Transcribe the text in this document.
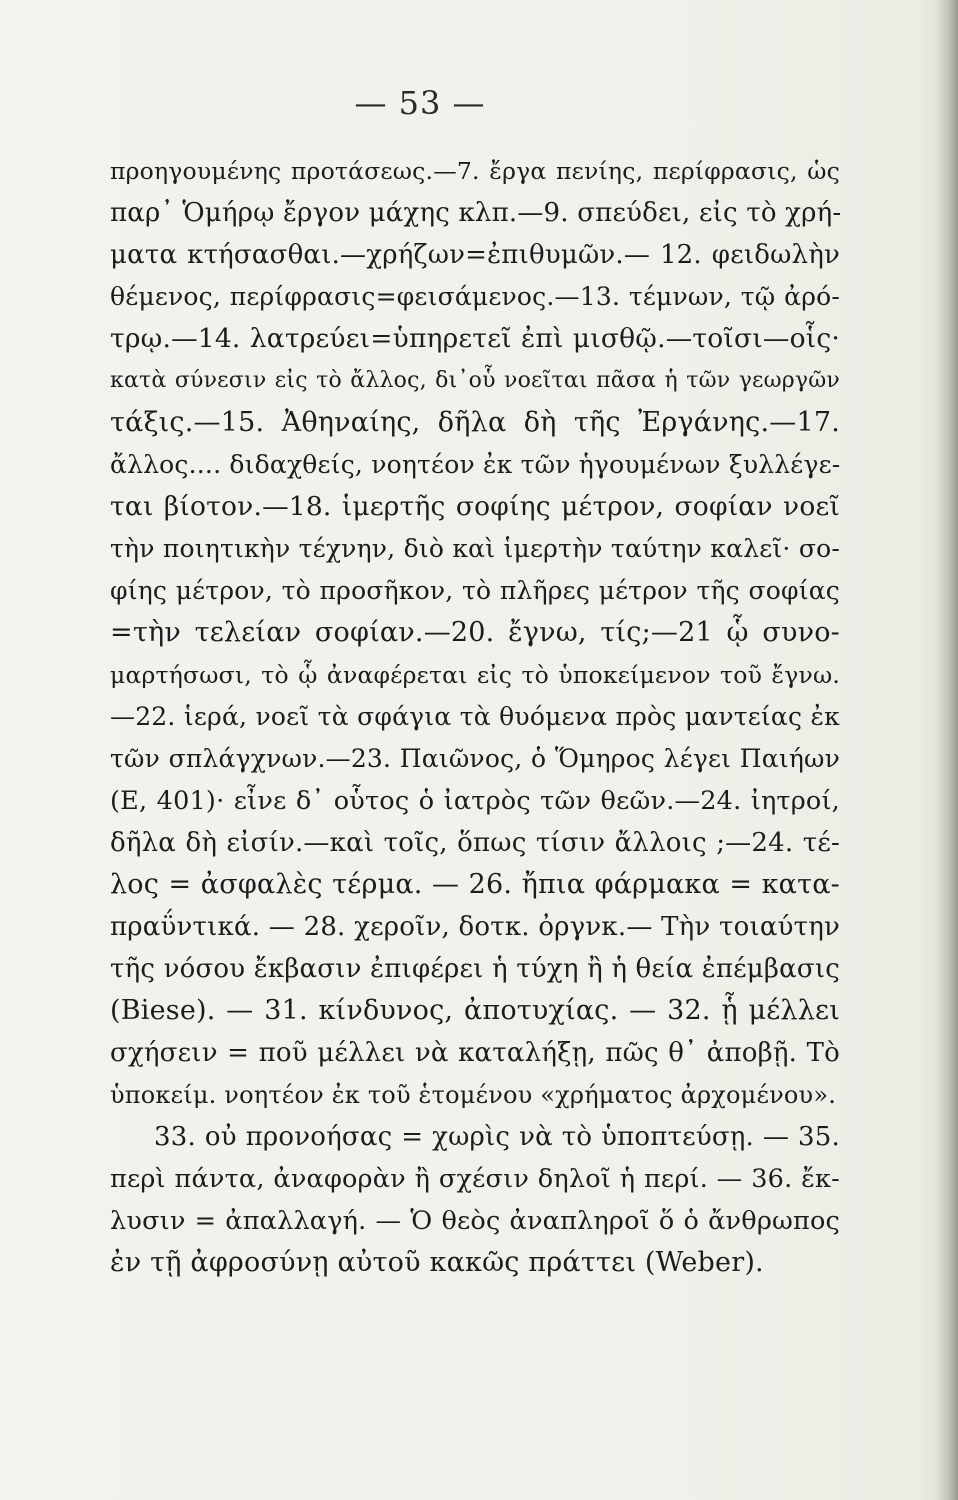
— 53 —
προηγουμένης προτάσεως.—7. ἔργα πενίης, περίφρασις, ὡς
παρ᾽ Ὁμήρῳ ἔργον μάχης κλπ.—9. σπεύδει, εἰς τὸ χρή-
ματα κτήσασθαι.—χρήζων=ἐπιθυμῶν.— 12. φειδωλὴν
θέμενος, περίφρασις=φεισάμενος.—13. τέμνων, τῷ ἀρό-
τρῳ.—14. λατρεύει=ὑπηρετεῖ ἐπὶ μισθῷ.—τοῖσι—οἷς·
κατὰ σύνεσιν εἰς τὸ ἄλλος, δι᾽οὗ νοεῖται πᾶσα ἡ τῶν γεωργῶν
τάξις.—15. Ἀθηναίης, δῆλα δὴ τῆς Ἐργάνης.—17.
ἄλλος.... διδαχθείς, νοητέον ἐκ τῶν ἡγουμένων ξυλλέγε-
ται βίοτον.—18. ἱμερτῆς σοφίης μέτρον, σοφίαν νοεῖ
τὴν ποιητικὴν τέχνην, διὸ καὶ ἱμερτὴν ταύτην καλεῖ· σο-
φίης μέτρον, τὸ προσῆκον, τὸ πλῆρες μέτρον τῆς σοφίας
=τὴν τελείαν σοφίαν.—20. ἔγνω, τίς;—21 ᾧ συνο-
μαρτήσωσι, τὸ ᾧ ἀναφέρεται εἰς τὸ ὑποκείμενον τοῦ ἔγνω.
—22. ἱερά, νοεῖ τὰ σφάγια τὰ θυόμενα πρὸς μαντείας ἐκ
τῶν σπλάγχνων.—23. Παιῶνος, ὁ Ὅμηρος λέγει Παιήων
(Ε, 401)· εἶνε δ᾽ οὗτος ὁ ἰατρὸς τῶν θεῶν.—24. ἰητροί,
δῆλα δὴ εἰσίν.—καὶ τοῖς, ὅπως τίσιν ἄλλοις ;—24. τέ-
λος = ἀσφαλὲς τέρμα. — 26. ἤπια φάρμακα = κατα-
πραΰντικά. — 28. χεροῖν, δοτκ. ὀργνκ.— Τὴν τοιαύτην
τῆς νόσου ἔκβασιν ἐπιφέρει ἡ τύχη ἢ ἡ θεία ἐπέμβασις
(Biese). — 31. κίνδυνος, ἀποτυχίας. — 32. ᾗ μέλλει
σχήσειν = ποῦ μέλλει νὰ καταλήξῃ, πῶς θ᾽ ἀποβῇ. Τὸ
ὑποκείμ. νοητέον ἐκ τοῦ ἑτομένου «χρήματος ἀρχομένου».
33. οὐ προνοήσας = χωρὶς νὰ τὸ ὑποπτεύσῃ. — 35.
περὶ πάντα, ἀναφορὰν ἢ σχέσιν δηλοῖ ἡ περί. — 36. ἔκ-
λυσιν = ἀπαλλαγή. — Ὁ θεὸς ἀναπληροῖ ὅ ὁ ἄνθρωπος
ἐν τῇ ἀφροσύνῃ αὐτοῦ κακῶς πράττει (Weber).
